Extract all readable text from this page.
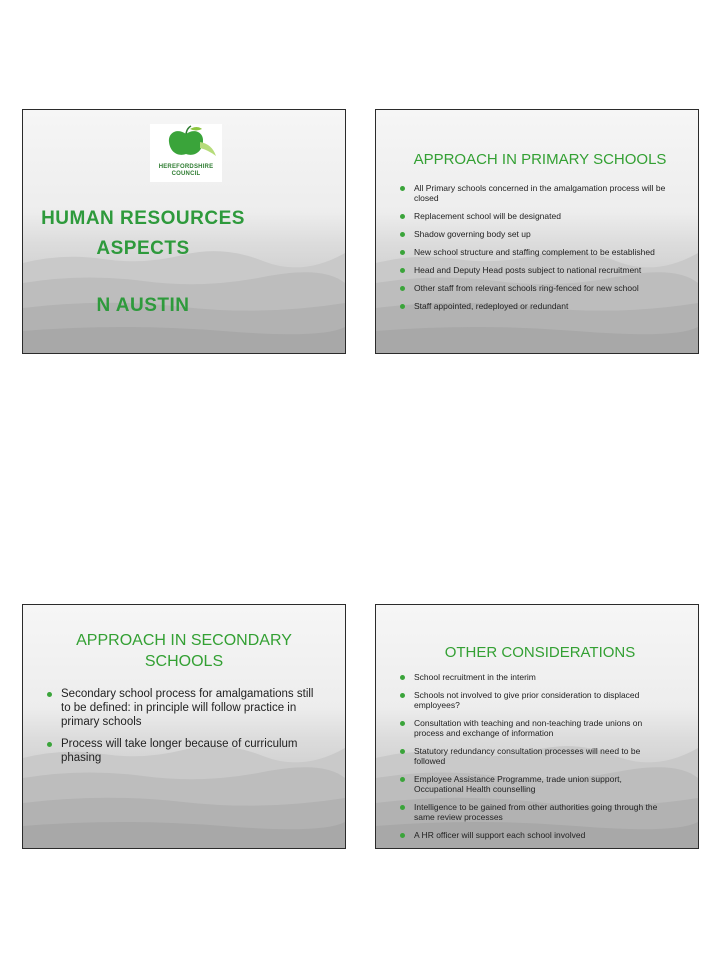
HEREFORDSHIRE
COUNCIL
HUMAN RESOURCES
ASPECTS
N AUSTIN
APPROACH IN PRIMARY SCHOOLS
All Primary schools concerned in the amalgamation process will be closed
Replacement school will be designated
Shadow governing body set up
New school structure and staffing complement to be established
Head and Deputy Head posts subject to national recruitment
Other staff from relevant schools ring-fenced for new school
Staff appointed, redeployed or redundant
APPROACH IN SECONDARY
SCHOOLS
Secondary school process for amalgamations still to be defined: in principle will follow practice in primary schools
Process will take longer because of curriculum phasing
OTHER CONSIDERATIONS
School recruitment in the interim
Schools not involved to give prior consideration to displaced employees?
Consultation with teaching and non-teaching trade unions on process and exchange of information
Statutory redundancy consultation processes will need to be followed
Employee Assistance Programme, trade union support, Occupational Health counselling
Intelligence to be gained from other authorities going through the same review processes
A HR officer will support each school involved
